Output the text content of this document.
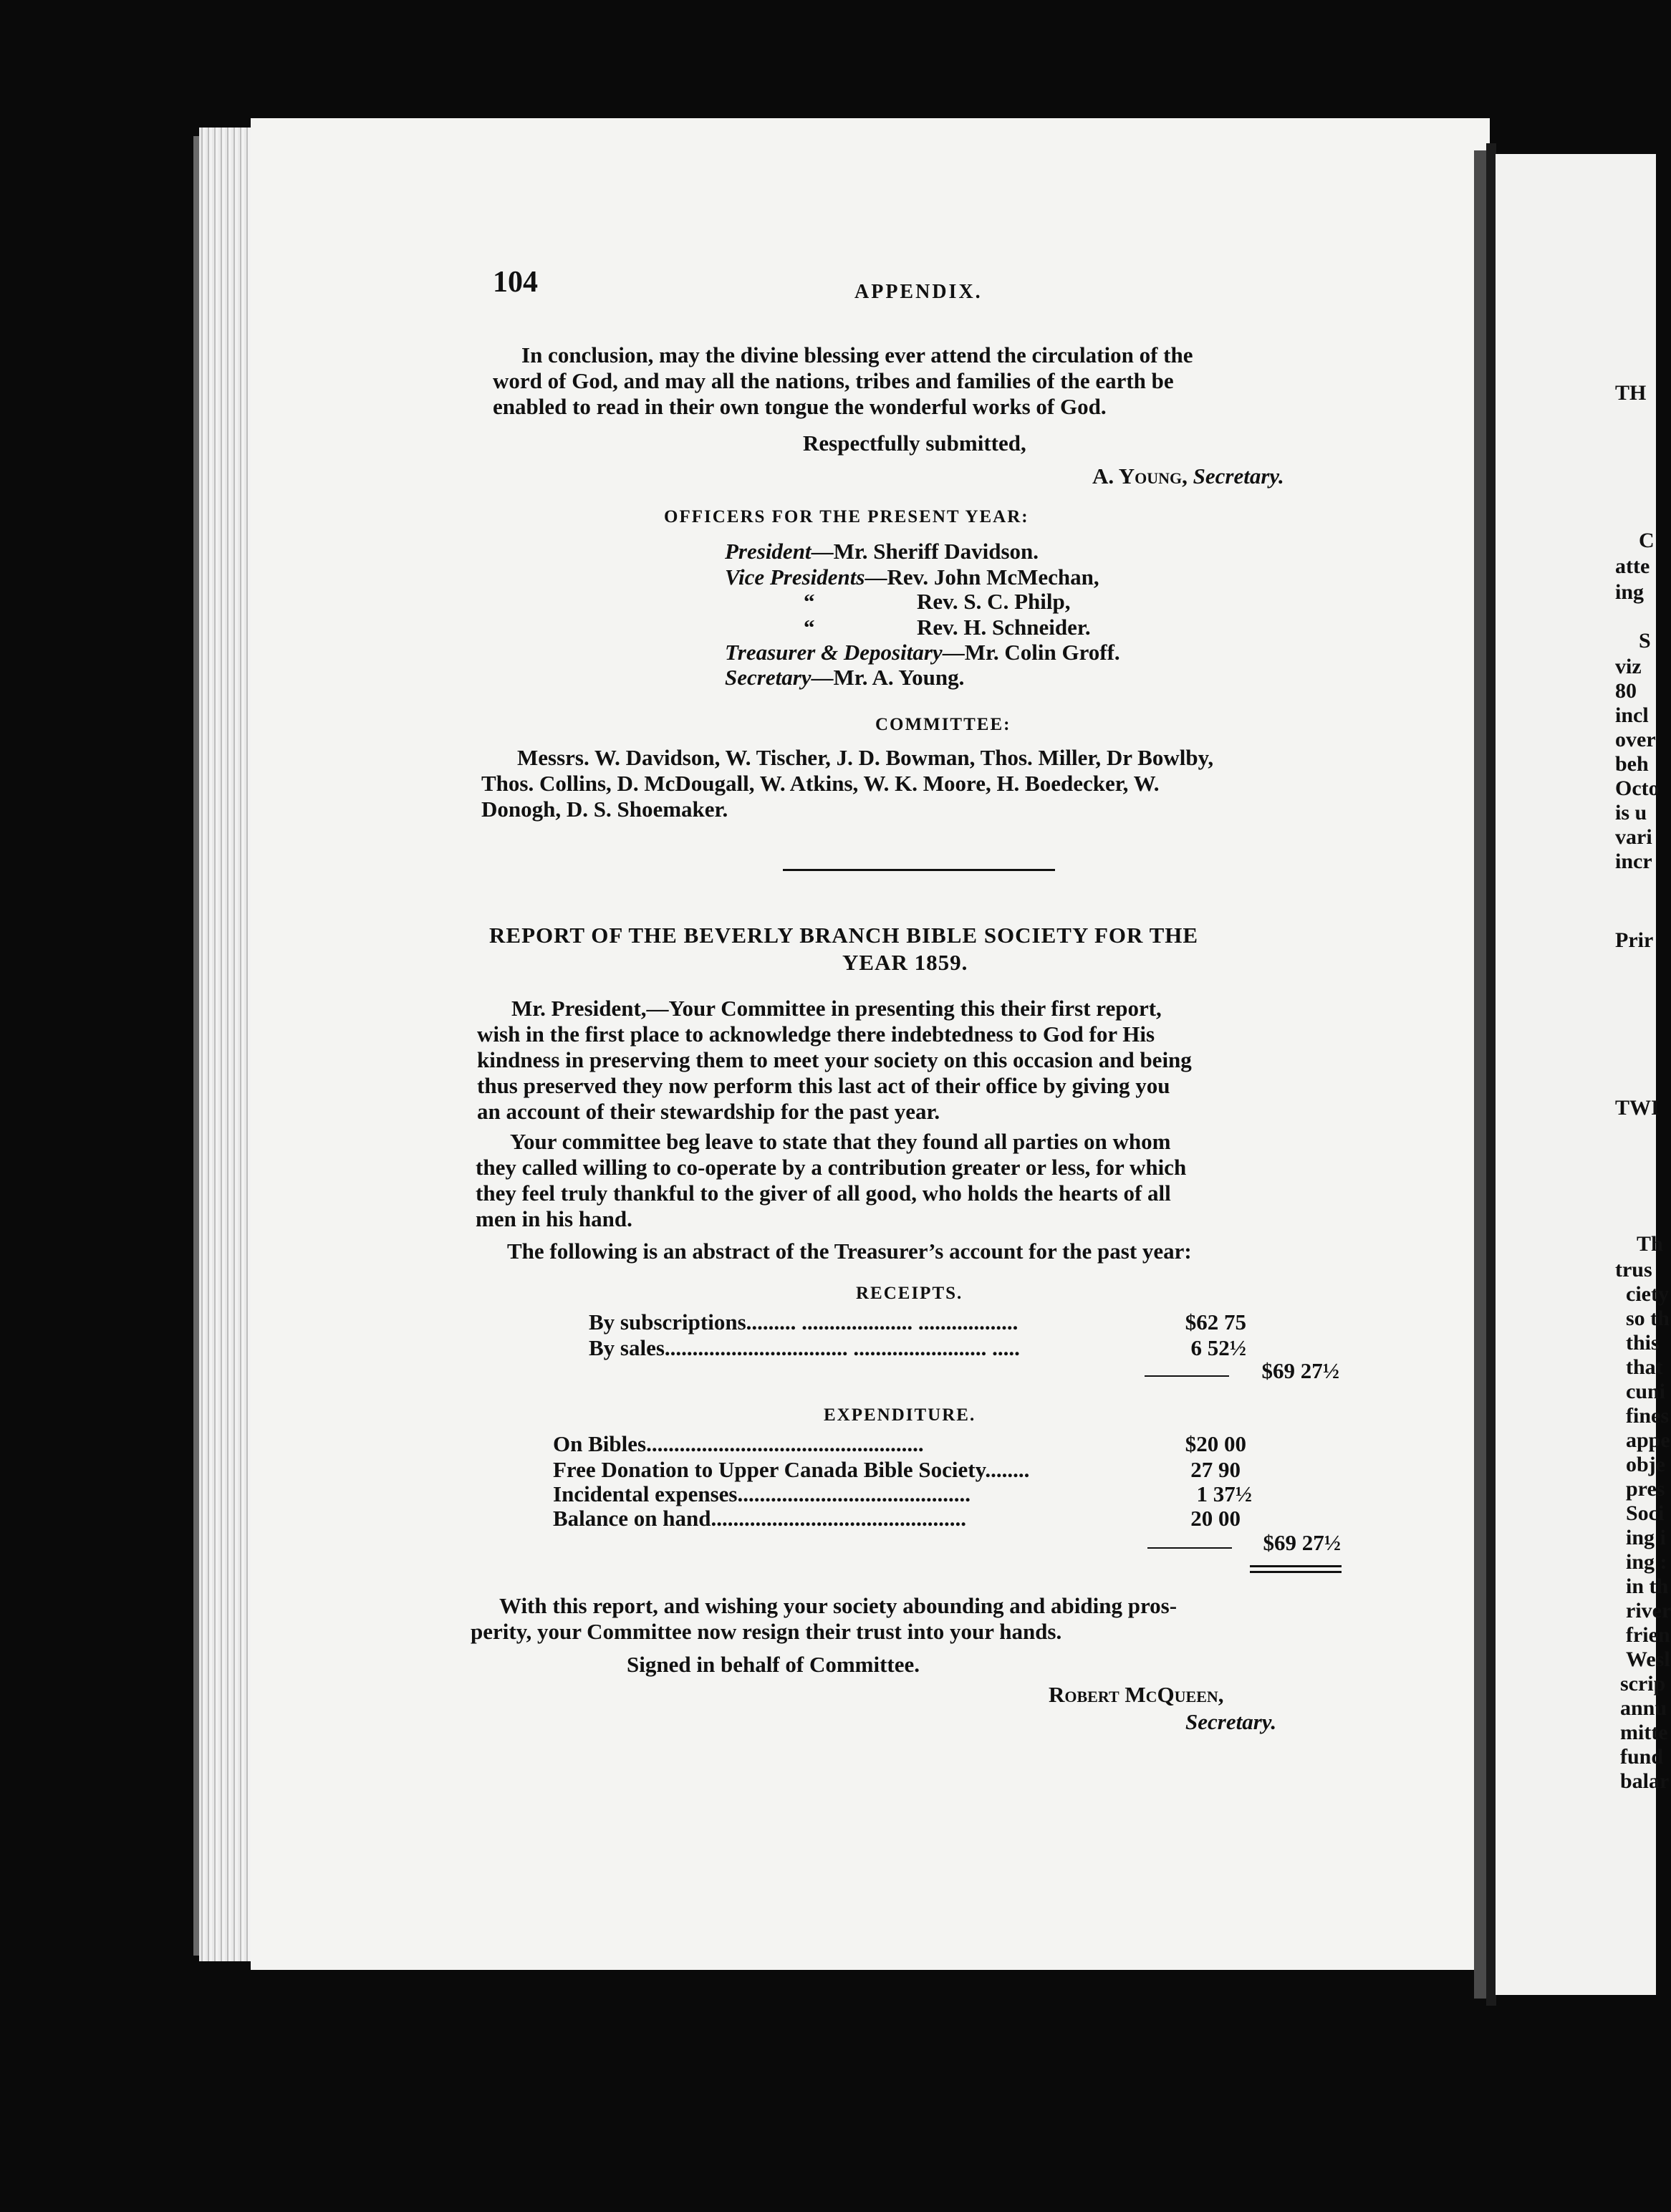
104	APPENDIX.
In conclusion, may the divine blessing ever attend the circulation of the
word of God, and may all the nations, tribes and families of the earth be
enabled to read in their own tongue the wonderful works of God.
Respectfully submitted,
A. Young, Secretary.
OFFICERS FOR THE PRESENT YEAR:
President—Mr. Sheriff Davidson.
Vice Presidents—Rev. John McMechan,
“	Rev. S. C. Philp,
“	Rev. H. Schneider.
Treasurer & Depositary—Mr. Colin Groff.
Secretary—Mr. A. Young.
COMMITTEE:
Messrs. W. Davidson, W. Tischer, J. D. Bowman, Thos. Miller, Dr Bowlby,
Thos. Collins, D. McDougall, W. Atkins, W. K. Moore, H. Boedecker, W.
Donogh, D. S. Shoemaker.
REPORT OF THE BEVERLY BRANCH BIBLE SOCIETY FOR THE
YEAR 1859.
Mr. President,—Your Committee in presenting this their first report,
wish in the first place to acknowledge there indebtedness to God for His
kindness in preserving them to meet your society on this occasion and being
thus preserved they now perform this last act of their office by giving you
an account of their stewardship for the past year.
Your committee beg leave to state that they found all parties on whom
they called willing to co-operate by a contribution greater or less, for which
they feel truly thankful to the giver of all good, who holds the hearts of all
men in his hand.
The following is an abstract of the Treasurer’s account for the past year:
RECEIPTS.
By subscriptions......... .................... ..................	$62 75
By sales................................. ........................ .....	6 52½
$69 27½
EXPENDITURE.
On Bibles..................................................	$20 00
Free Donation to Upper Canada Bible Society........	27 90
Incidental expenses..........................................	1 37½
Balance on hand..............................................	20 00
$69 27½
With this report, and wishing your society abounding and abiding pros-
perity, your Committee now resign their trust into your hands.
Signed in behalf of Committee.
Robert McQueen,
Secretary.
TH
C
atte
ing
S
viz
80
incl
over
beh
Octo
is u
vari
incr
Prir
TWI
Th
trus
ciety
so th
this
that
cuni
fines
appe
obje
pres
Soci
ing i
ing :
in th
river
frien
Wesl
scrip
annu
mitte
fund
balar
